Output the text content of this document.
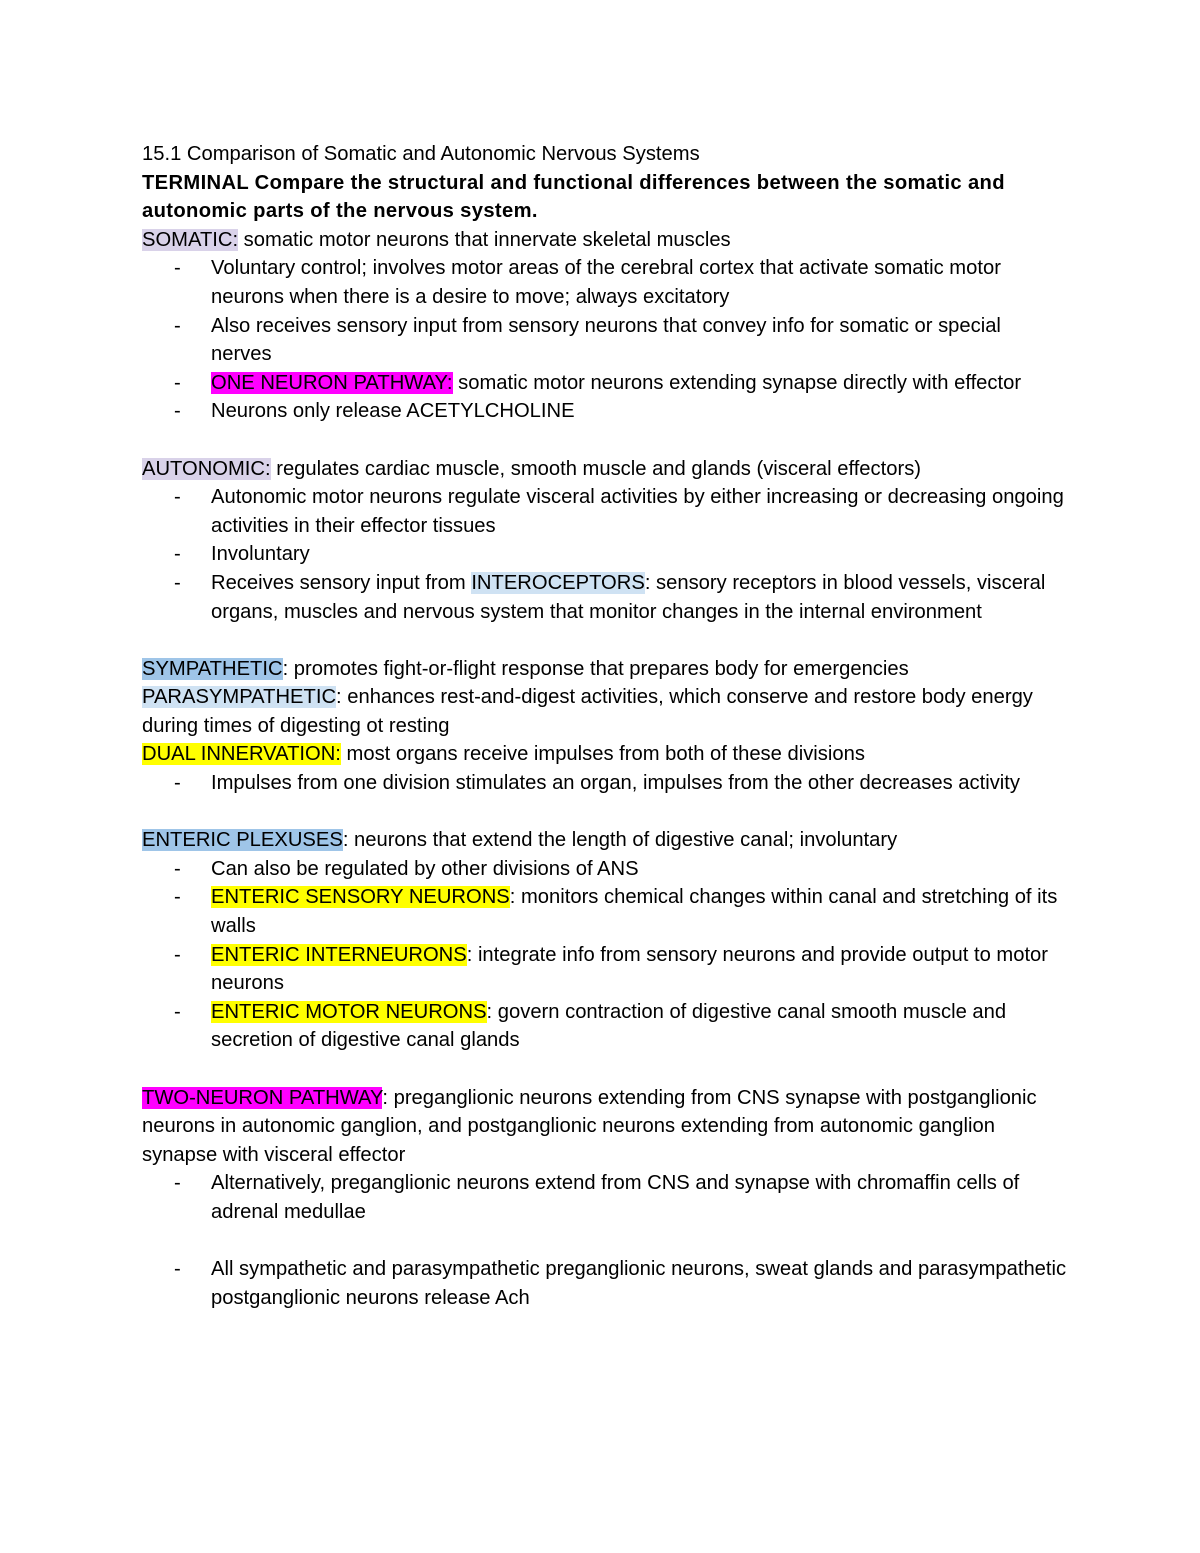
15.1 Comparison of Somatic and Autonomic Nervous Systems

TERMINAL Compare the structural and functional differences between the somatic and autonomic parts of the nervous system.

SOMATIC: somatic motor neurons that innervate skeletal muscles

- Voluntary control; involves motor areas of the cerebral cortex that activate somatic motor neurons when there is a desire to move; always excitatory
- Also receives sensory input from sensory neurons that convey info for somatic or special nerves
- ONE NEURON PATHWAY: somatic motor neurons extending synapse directly with effector
- Neurons only release ACETYLCHOLINE

AUTONOMIC: regulates cardiac muscle, smooth muscle and glands (visceral effectors)

- Autonomic motor neurons regulate visceral activities by either increasing or decreasing ongoing activities in their effector tissues
- Involuntary
- Receives sensory input from INTEROCEPTORS: sensory receptors in blood vessels, visceral organs, muscles and nervous system that monitor changes in the internal environment

SYMPATHETIC: promotes fight-or-flight response that prepares body for emergencies

PARASYMPATHETIC: enhances rest-and-digest activities, which conserve and restore body energy during times of digesting ot resting

DUAL INNERVATION: most organs receive impulses from both of these divisions

- Impulses from one division stimulates an organ, impulses from the other decreases activity

ENTERIC PLEXUSES: neurons that extend the length of digestive canal; involuntary

- Can also be regulated by other divisions of ANS
- ENTERIC SENSORY NEURONS: monitors chemical changes within canal and stretching of its walls
- ENTERIC INTERNEURONS: integrate info from sensory neurons and provide output to motor neurons
- ENTERIC MOTOR NEURONS: govern contraction of digestive canal smooth muscle and secretion of digestive canal glands

TWO-NEURON PATHWAY: preganglionic neurons extending from CNS synapse with postganglionic neurons in autonomic ganglion, and postganglionic neurons extending from autonomic ganglion synapse with visceral effector

- Alternatively, preganglionic neurons extend from CNS and synapse with chromaffin cells of adrenal medullae
- All sympathetic and parasympathetic preganglionic neurons, sweat glands and parasympathetic postganglionic neurons release Ach
